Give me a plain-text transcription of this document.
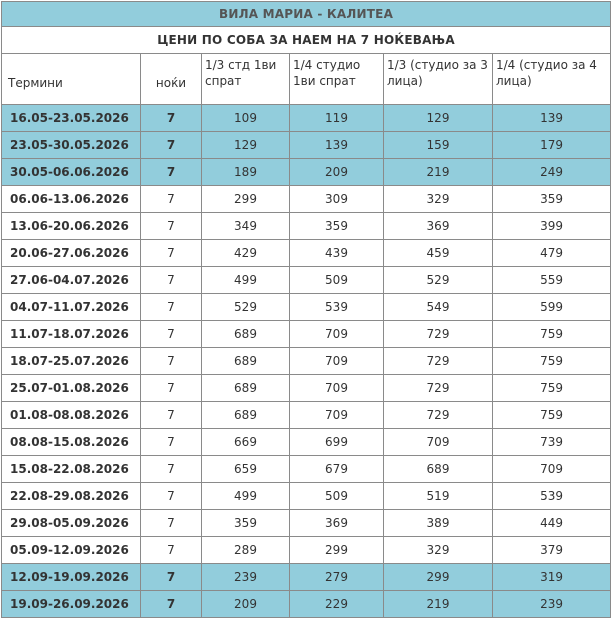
ВИЛА МАРИА - КАЛИТЕА					
ЦЕНИ ПО СОБА ЗА НАЕМ НА 7 НОЌЕВАЊА					
Термини	ноќи	1/3 стд 1ви спрат	1/4 студио 1ви спрат	1/3 (студио за 3 лица)	1/4 (студио за 4 лица)
16.05-23.05.2026	7	109	119	129	139
23.05-30.05.2026	7	129	139	159	179
30.05-06.06.2026	7	189	209	219	249
06.06-13.06.2026	7	299	309	329	359
13.06-20.06.2026	7	349	359	369	399
20.06-27.06.2026	7	429	439	459	479
27.06-04.07.2026	7	499	509	529	559
04.07-11.07.2026	7	529	539	549	599
11.07-18.07.2026	7	689	709	729	759
18.07-25.07.2026	7	689	709	729	759
25.07-01.08.2026	7	689	709	729	759
01.08-08.08.2026	7	689	709	729	759
08.08-15.08.2026	7	669	699	709	739
15.08-22.08.2026	7	659	679	689	709
22.08-29.08.2026	7	499	509	519	539
29.08-05.09.2026	7	359	369	389	449
05.09-12.09.2026	7	289	299	329	379
12.09-19.09.2026	7	239	279	299	319
19.09-26.09.2026	7	209	229	219	239
